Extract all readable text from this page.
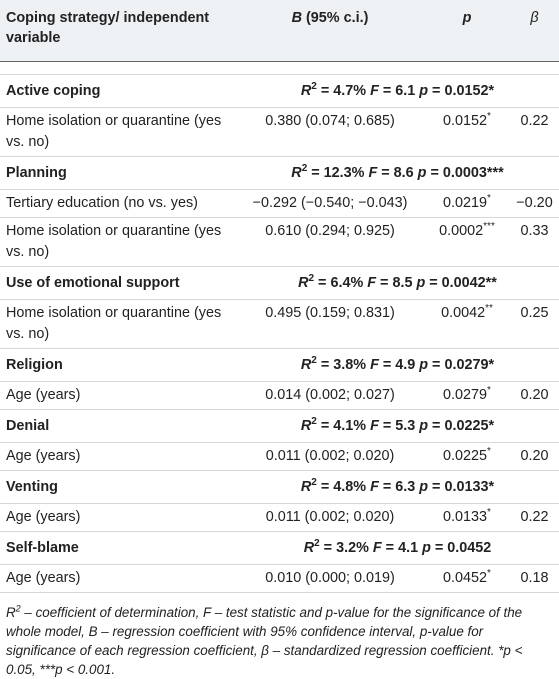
Coping strategy/ independent variable	B (95% c.i.)	p	β

Active coping	$R^2 = 4.7\%$ F = 6.1 p = 0.0152*		
Home isolation or quarantine (yes vs. no)	0.380 (0.074; 0.685)	0.0152*	0.22
Planning	$R^2 = 12.3\%$ F = 8.6 p = 0.0003***		
Tertiary education (no vs. yes)	−0.292 (−0.540; −0.043)	0.0219*	−0.20
Home isolation or quarantine (yes vs. no)	0.610 (0.294; 0.925)	0.0002***	0.33
Use of emotional support	$R^2 = 6.4\%$ F = 8.5 p = 0.0042**		
Home isolation or quarantine (yes vs. no)	0.495 (0.159; 0.831)	0.0042**	0.25
Religion	$R^2 = 3.8\%$ F = 4.9 p = 0.0279*		
Age (years)	0.014 (0.002; 0.027)	0.0279*	0.20
Denial	$R^2 = 4.1\%$ F = 5.3 p = 0.0225*		
Age (years)	0.011 (0.002; 0.020)	0.0225*	0.20
Venting	$R^2 = 4.8\%$ F = 6.3 p = 0.0133*		
Age (years)	0.011 (0.002; 0.020)	0.0133*	0.22
Self-blame	$R^2 = 3.2\%$ F = 4.1 p = 0.0452		
Age (years)	0.010 (0.000; 0.019)	0.0452*	0.18
$R^2$ – coefficient of determination, F – test statistic and p-value for the significance of the whole model, B – regression coefficient with 95% confidence interval, p-value for significance of each regression coefficient, β – standardized regression coefficient. *p < 0.05, ***p < 0.001.
